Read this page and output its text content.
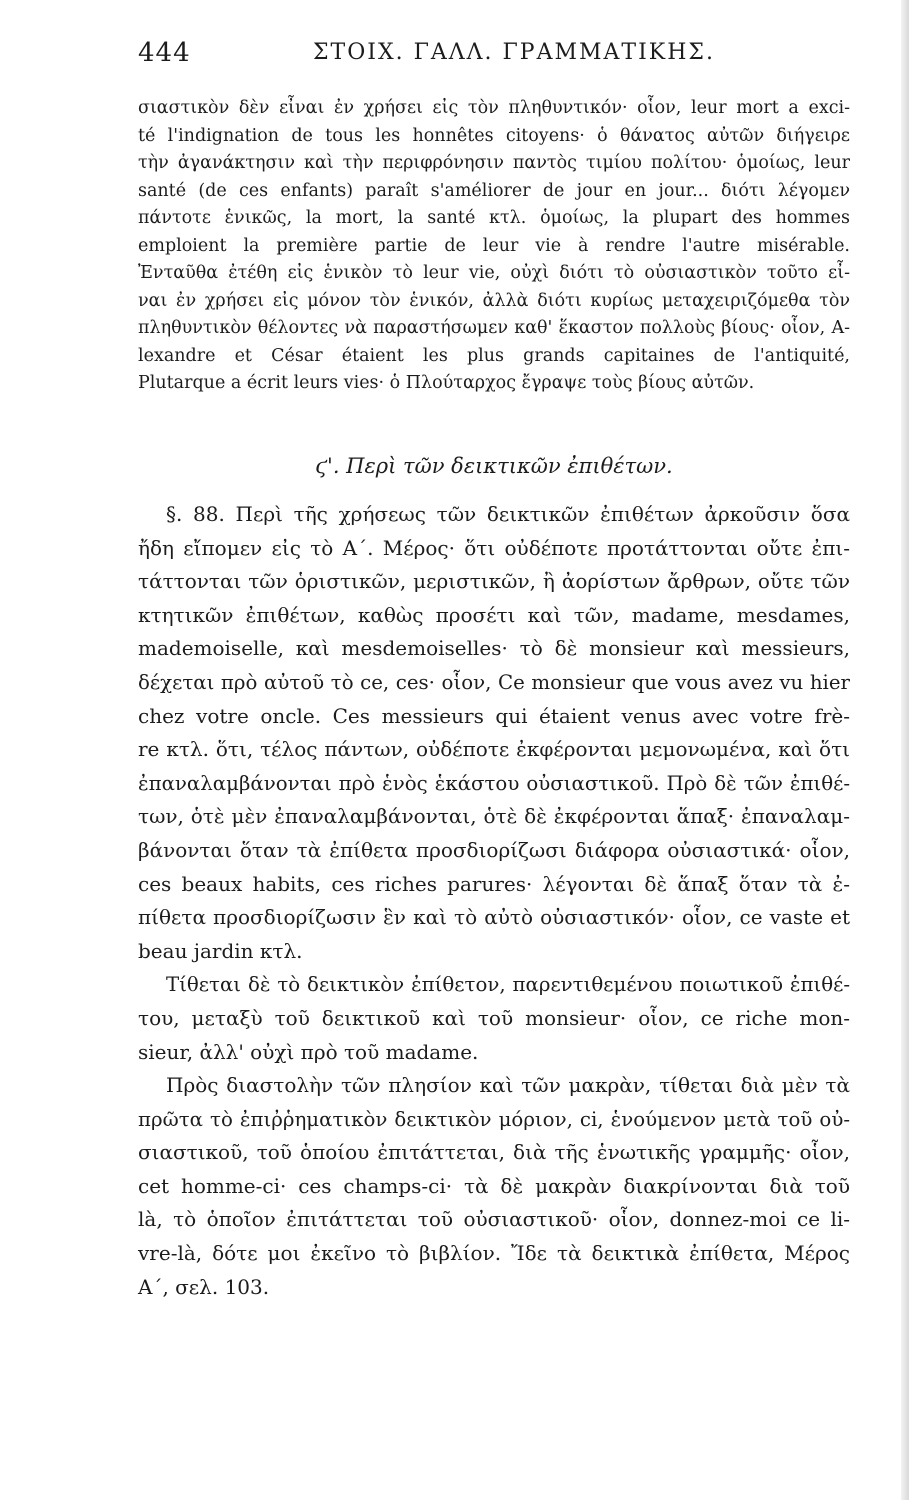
444	ΣΤΟΙΧ. ΓΑΛΛ. ΓΡΑΜΜΑΤΙΚΗΣ.
σιαστικὸν δὲν εἶναι ἐν χρήσει εἰς τὸν πληθυντικόν· οἷον, leur mort a exci-
té l'indignation de tous les honnêtes citoyens· ὁ θάνατος αὐτῶν διήγειρε
τὴν ἀγανάκτησιν καὶ τὴν περιφρόνησιν παντὸς τιμίου πολίτου· ὁμοίως, leur
santé (de ces enfants) paraît s'améliorer de jour en jour... διότι λέγομεν
πάντοτε ἑνικῶς, la mort, la santé κτλ. ὁμοίως, la plupart des hommes
emploient la première partie de leur vie à rendre l'autre misérable.
Ἐνταῦθα ἐτέθη εἰς ἑνικὸν τὸ leur vie, οὐχὶ διότι τὸ οὐσιαστικὸν τοῦτο εἶ-
ναι ἐν χρήσει εἰς μόνον τὸν ἑνικόν, ἀλλὰ διότι κυρίως μεταχειριζόμεθα τὸν
πληθυντικὸν θέλοντες νὰ παραστήσωμεν καθ' ἕκαστον πολλοὺς βίους· οἷον, A-
lexandre et César étaient les plus grands capitaines de l'antiquité,
Plutarque a écrit leurs vies· ὁ Πλούταρχος ἔγραψε τοὺς βίους αὐτῶν.
ϛ'. Περὶ τῶν δεικτικῶν ἐπιθέτων.
§. 88. Περὶ τῆς χρήσεως τῶν δεικτικῶν ἐπιθέτων ἀρκοῦσιν ὅσα
ἤδη εἴπομεν εἰς τὸ Α΄. Μέρος· ὅτι οὐδέποτε προτάττονται οὔτε ἐπι-
τάττονται τῶν ὁριστικῶν, μεριστικῶν, ἢ ἀορίστων ἄρθρων, οὔτε τῶν
κτητικῶν ἐπιθέτων, καθὼς προσέτι καὶ τῶν, madame, mesdames,
mademoiselle, καὶ mesdemoiselles· τὸ δὲ monsieur καὶ messieurs,
δέχεται πρὸ αὐτοῦ τὸ ce, ces· οἷον, Ce monsieur que vous avez vu hier
chez votre oncle. Ces messieurs qui étaient venus avec votre frè-
re κτλ. ὅτι, τέλος πάντων, οὐδέποτε ἐκφέρονται μεμονωμένα, καὶ ὅτι
ἐπαναλαμβάνονται πρὸ ἑνὸς ἑκάστου οὐσιαστικοῦ. Πρὸ δὲ τῶν ἐπιθέ-
των, ὁτὲ μὲν ἐπαναλαμβάνονται, ὁτὲ δὲ ἐκφέρονται ἅπαξ· ἐπαναλαμ-
βάνονται ὅταν τὰ ἐπίθετα προσδιορίζωσι διάφορα οὐσιαστικά· οἷον,
ces beaux habits, ces riches parures· λέγονται δὲ ἅπαξ ὅταν τὰ ἐ-
πίθετα προσδιορίζωσιν ἓν καὶ τὸ αὐτὸ οὐσιαστικόν· οἷον, ce vaste et
beau jardin κτλ.
Τίθεται δὲ τὸ δεικτικὸν ἐπίθετον, παρεντιθεμένου ποιωτικοῦ ἐπιθέ-
του, μεταξὺ τοῦ δεικτικοῦ καὶ τοῦ monsieur· οἷον, ce riche mon-
sieur, ἀλλ' οὐχὶ πρὸ τοῦ madame.
Πρὸς διαστολὴν τῶν πλησίον καὶ τῶν μακρὰν, τίθεται διὰ μὲν τὰ
πρῶτα τὸ ἐπιῤῥηματικὸν δεικτικὸν μόριον, ci, ἑνούμενον μετὰ τοῦ οὐ-
σιαστικοῦ, τοῦ ὁποίου ἐπιτάττεται, διὰ τῆς ἑνωτικῆς γραμμῆς· οἷον,
cet homme-ci· ces champs-ci· τὰ δὲ μακρὰν διακρίνονται διὰ τοῦ
là, τὸ ὁποῖον ἐπιτάττεται τοῦ οὐσιαστικοῦ· οἷον, donnez-moi ce li-
vre-là, δότε μοι ἐκεῖνο τὸ βιβλίον. Ἴδε τὰ δεικτικὰ ἐπίθετα, Μέρος
Α΄, σελ. 103.
